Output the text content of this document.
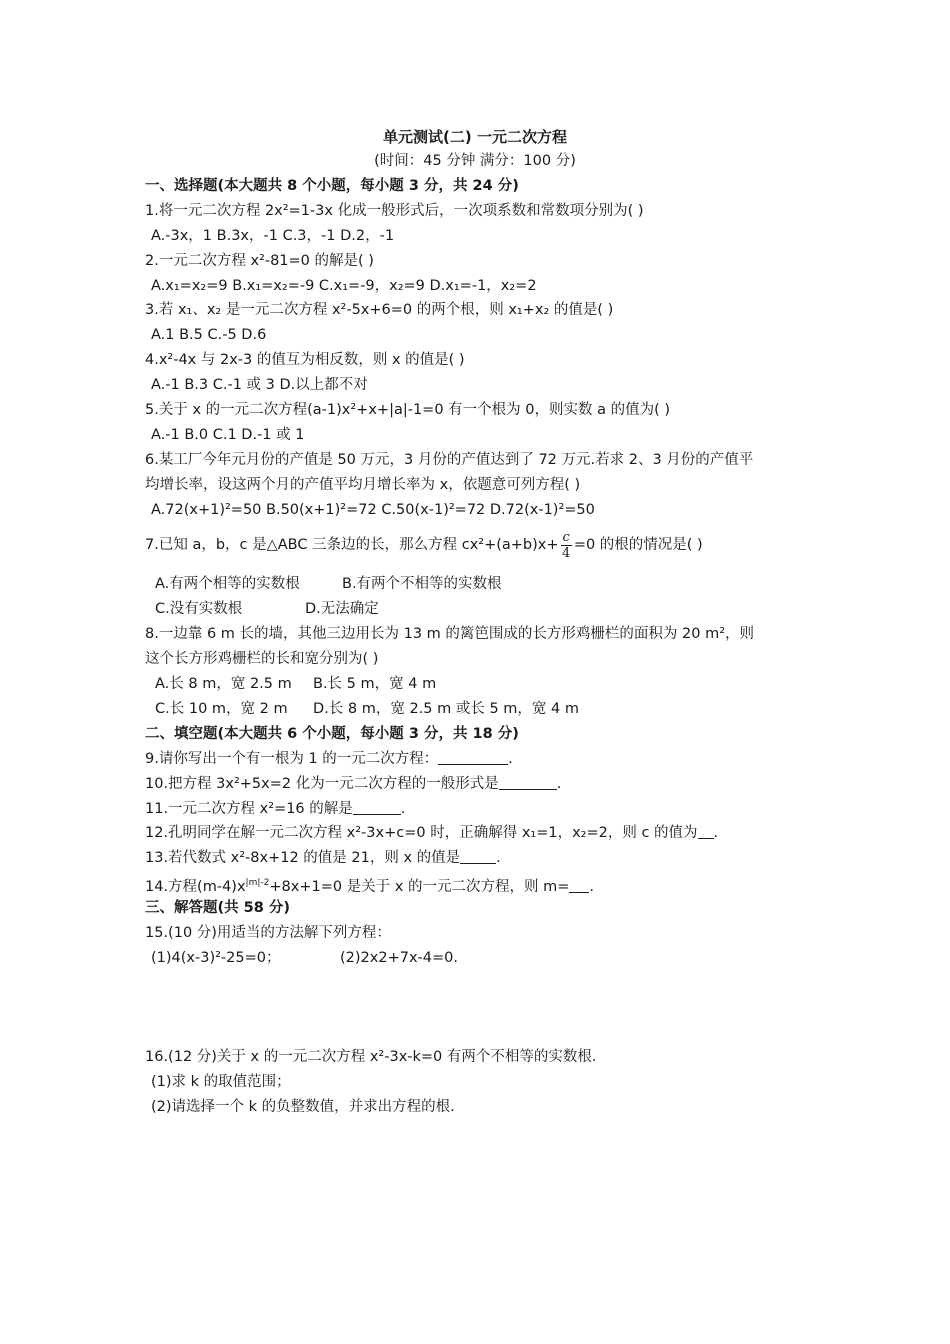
单元测试(二) 一元二次方程
(时间：45 分钟 满分：100 分)
一、选择题(本大题共 8 个小题，每小题 3 分，共 24 分)
1.将一元二次方程 2x²=1-3x 化成一般形式后，一次项系数和常数项分别为( )
A.-3x，1 B.3x，-1 C.3，-1 D.2，-1
2.一元二次方程 x²-81=0 的解是( )
A.x₁=x₂=9 B.x₁=x₂=-9 C.x₁=-9，x₂=9 D.x₁=-1，x₂=2
3.若 x₁、x₂ 是一元二次方程 x²-5x+6=0 的两个根，则 x₁+x₂ 的值是( )
A.1 B.5 C.-5 D.6
4.x²-4x 与 2x-3 的值互为相反数，则 x 的值是( )
A.-1 B.3 C.-1 或 3 D.以上都不对
5.关于 x 的一元二次方程(a-1)x²+x+|a|-1=0 有一个根为 0，则实数 a 的值为( )
A.-1 B.0 C.1 D.-1 或 1
6.某工厂今年元月份的产值是 50 万元，3 月份的产值达到了 72 万元.若求 2、3 月份的产值平
均增长率，设这两个月的产值平均月增长率为 x，依题意可列方程( )
A.72(x+1)²=50 B.50(x+1)²=72 C.50(x-1)²=72 D.72(x-1)²=50
7.已知 a，b，c 是△ABC 三条边的长，那么方程 $cx^2+(a+b)x+ \frac{c}{4} =0$ 的根的情况是( )
A.有两个相等的实数根	B.有两个不相等的实数根
C.没有实数根	D.无法确定
8.一边靠 6 m 长的墙，其他三边用长为 13 m 的篱笆围成的长方形鸡栅栏的面积为 20 m²，则
这个长方形鸡栅栏的长和宽分别为( )
A.长 8 m，宽 2.5 m B.长 5 m，宽 4 m
C.长 10 m，宽 2 m D.长 8 m，宽 2.5 m 或长 5 m，宽 4 m
二、填空题(本大题共 6 个小题，每小题 3 分，共 18 分)
9.请你写出一个有一根为 1 的一元二次方程：	.
10.把方程 3x²+5x=2 化为一元二次方程的一般形式是	.
11.一元二次方程 x²=16 的解是	.
12.孔明同学在解一元二次方程 x²-3x+c=0 时，正确解得 x₁=1，x₂=2，则 c 的值为 .
13.若代数式 x²-8x+12 的值是 21，则 x 的值是 .
14.方程$(m-4)x^{|m|-2}+8x+1=0$ 是关于 x 的一元二次方程，则 m= .
三、解答题(共 58 分)
15.(10 分)用适当的方法解下列方程：
(1)4(x-3)²-25=0；	(2)2x2+7x-4=0.
16.(12 分)关于 x 的一元二次方程 x²-3x-k=0 有两个不相等的实数根.
(1)求 k 的取值范围；
(2)请选择一个 k 的负整数值，并求出方程的根.
